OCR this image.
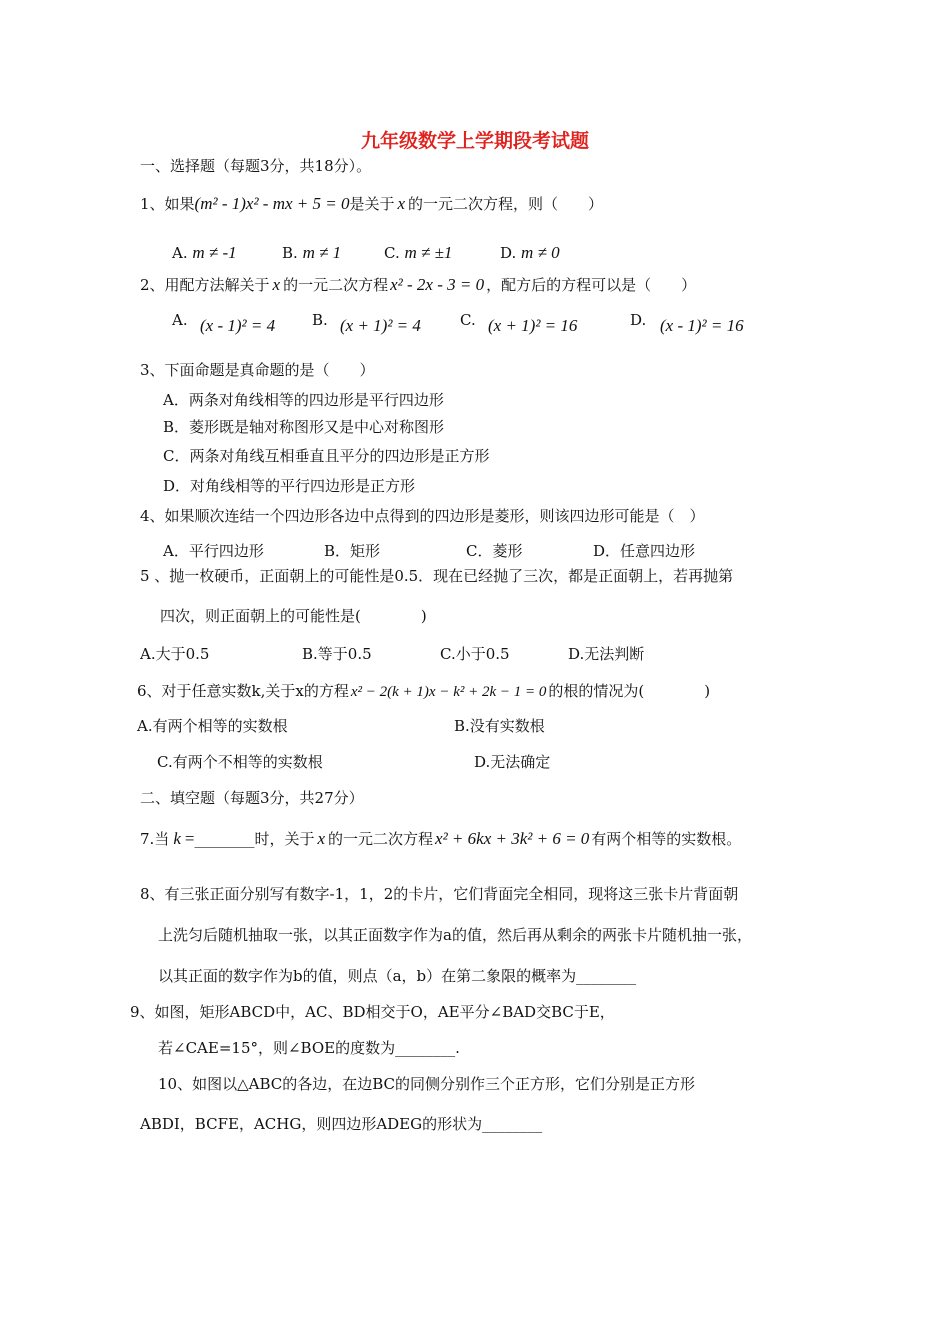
九年级数学上学期段考试题
一、选择题（每题3分，共18分）。
1、如果(m² - 1)x² - mx + 5 = 0是关于 x 的一元二次方程，则（　　）
A. m ≠ -1	B. m ≠ 1	C. m ≠ ±1	D. m ≠ 0
2、用配方法解关于 x 的一元二次方程 x² - 2x - 3 = 0 ，配方后的方程可以是（　　）
A. (x - 1)² = 4 B. (x + 1)² = 4	C. (x + 1)² = 16	D. (x - 1)² = 16
3、下面命题是真命题的是（　　）
A．两条对角线相等的四边形是平行四边形
B．菱形既是轴对称图形又是中心对称图形
C．两条对角线互相垂直且平分的四边形是正方形
D．对角线相等的平行四边形是正方形
4、如果顺次连结一个四边形各边中点得到的四边形是菱形，则该四边形可能是（　）
A．平行四边形	B．矩形	C．菱形	D．任意四边形
5 、抛一枚硬币，正面朝上的可能性是0.5．现在已经抛了三次，都是正面朝上，若再抛第
四次，则正面朝上的可能性是(　　　　)
A.大于0.5	B.等于0.5	C.小于0.5	D.无法判断
6、对于任意实数k,关于x的方程 x² − 2(k + 1)x − k² + 2k − 1 = 0 的根的情况为(　　　　)
A.有两个相等的实数根	B.没有实数根
C.有两个不相等的实数根	D.无法确定
二、填空题（每题3分，共27分）
7.当 k =________时，关于 x 的一元二次方程 x² + 6kx + 3k² + 6 = 0 有两个相等的实数根。
8、有三张正面分别写有数字-1，1，2的卡片，它们背面完全相同，现将这三张卡片背面朝
上洗匀后随机抽取一张，以其正面数字作为a的值，然后再从剩余的两张卡片随机抽一张，
以其正面的数字作为b的值，则点（a，b）在第二象限的概率为________
9、如图，矩形ABCD中，AC、BD相交于O，AE平分∠BAD交BC于E，
若∠CAE=15°，则∠BOE的度数为________.
10、如图以△ABC的各边，在边BC的同侧分别作三个正方形，它们分别是正方形
ABDI，BCFE，ACHG，则四边形ADEG的形状为________
